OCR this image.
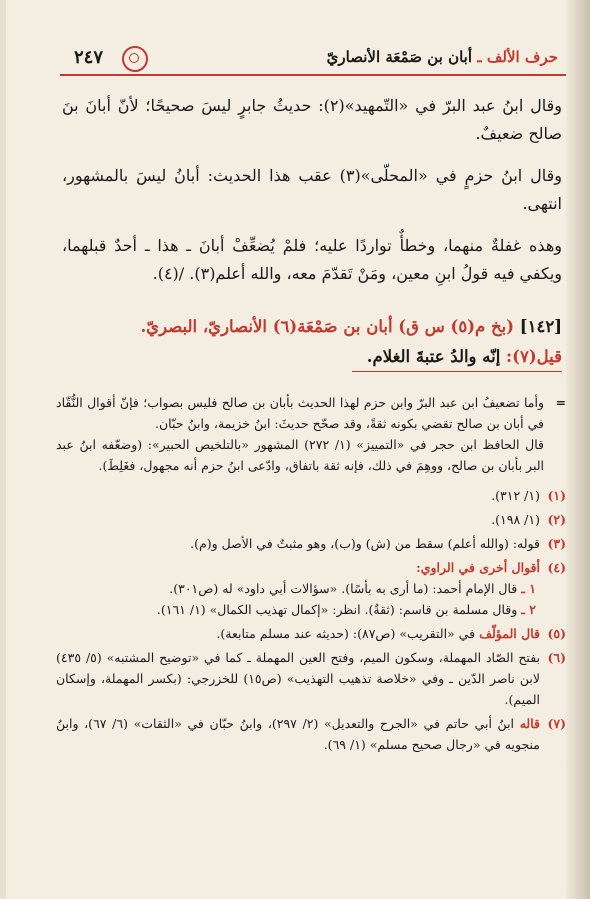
حرف الألف ـ أبان بن صَمْعَة الأنصاريّ
٢٤٧

وقال ابنُ عبد البرّ في «التّمهيد»(٢): حديثُ جابرٍ ليسَ صحيحًا؛ لأنّ أبانَ بنَ صالح ضعيفٌ.

وقال ابنُ حزمٍ في «المحلّى»(٣) عقب هذا الحديث: أبانُ ليسَ بالمشهور، انتهى.

وهذه غفلةٌ منهما، وخطأٌ تواردًا عليه؛ فلمْ يُضعِّفْ أبانَ ـ هذا ـ أحدٌ قبلهما، ويكفي فيه قولُ ابنِ معين، ومَنْ تَقدّمَ معه، والله أعلم(٣). /(٤).

[١٤٢] (بخ م(٥) س ق) أبان بن صَمْعَة(٦) الأنصاريّ، البصريّ.
قيل(٧): إنّه والدُ عتبةَ الغلام.
=
وأما تضعيفُ ابن عبد البرّ وابن حزم لهذا الحديث بأبان بن صالح فليس بصواب؛ فإنّ أقوال النُّقّاد في أبان بن صالح تقضي بكونه ثقةً، وقد صحّح حديثَ: ابنُ خزيمة، وابنُ حبّان.
قال الحافظ ابن حجر في «التمييز» (١/ ٢٧٢) المشهور «بالتلخيص الحبير»: (وضعّفه ابنُ عبد البر بأبان بن صالح، ووهِمَ في ذلك، فإنه ثقة باتفاق، وادّعى ابنُ حزم أنه مجهول، فغَلِطَ).
(١)
(١/ ٣١٢).
(٢)
(١/ ١٩٨).
(٣)
قوله: (والله أعلم) سقط من (ش) و(ب)، وهو مثبتٌ في الأصل و(م).
(٤)
أقوال أخرى في الراوي:
١ ـ قال الإمام أحمد: (ما أرى به بأسًا). «سؤالات أبي داود» له (ص٣٠١).
٢ ـ وقال مسلمة بن قاسم: (ثقةٌ). انظر: «إكمال تهذيب الكمال» (١/ ١٦١).
(٥)
قال المؤلّف في «التقريب» (ص٨٧): (حديثه عند مسلم متابعة).
(٦)
بفتح الصّاد المهملة، وسكون الميم، وفتح العين المهملة ـ كما في «توضيح المشتبه» (٥/ ٤٣٥) لابن ناصر الدّين ـ وفي «خلاصة تذهيب التهذيب» (ص١٥) للخزرجي: (بكسر المهملة، وإسكان الميم).
(٧)
قاله ابنُ أبي حاتم في «الجرح والتعديل» (٢/ ٢٩٧)، وابنُ حبّان في «الثقات» (٦/ ٦٧)، وابنُ منجويه في «رجال صحيح مسلم» (١/ ٦٩).
